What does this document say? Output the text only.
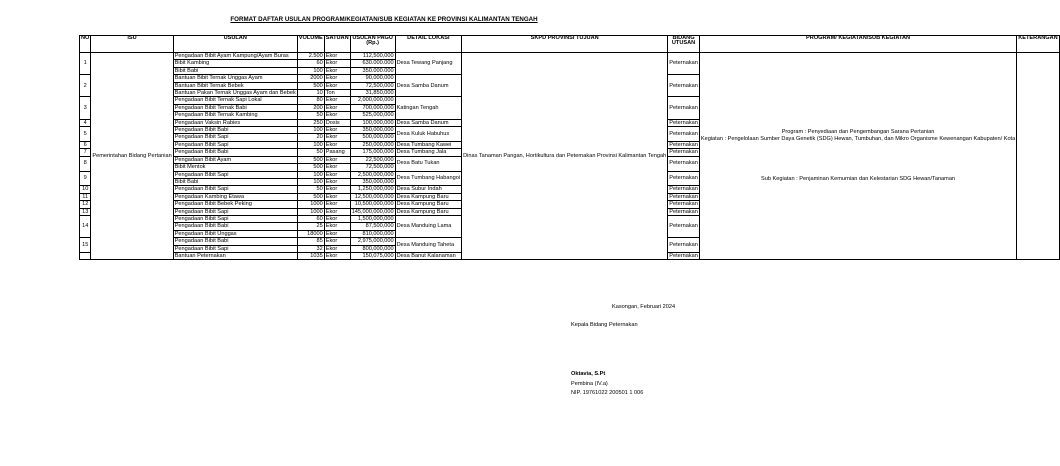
FORMAT DAFTAR USULAN PROGRAM/KEGIATAN/SUB KEGIATAN KE PROVINSI KALIMANTAN TENGAH
NO	ISU	USULAN	VOLUME	SATUAN	USULAN PAGU (Rp.)	DETAIL LOKASI	SKPD PROVINSI TUJUAN	BIDANG UTUSAN	PROGRAM/ KEGIATAN/SUB KEGIATAN	KETERANGAN
1	Pemerintahan Bidang Pertanian	Pengadaan Bibit Ayam Kampung/Ayam Buras	2.500	Ekor	112,500,000	Desa Tewang Panjang	Dinas Tanaman Pangan, Hortikultura dan Peternakan Provinsi Kalimantan Tengah	Peternakan	Program : Penyediaan dan Pengembangan Sarana Pertanian
Kegiatan : Pengelolaan Sumber Daya Genetik (SDG) Hewan, Tumbuhan, dan Mikro Organisme Kewenangan Kabupaten/ Kota
Sub Kegiatan : Penjaminan Kemurnian dan Kelestarian SDG Hewan/Tanaman	

		Bibit Kambing	60	Ekor	630.000.000					
		Bibit Babi	100	Ekor	350.000.000					
2		Bantuan Bibit Ternak Unggas Ayam	2000	Ekor	90,000,000	Desa Samba Danum		Peternakan		
		Bantuan Bibit Ternak Bebek	500	Ekor	72,500,000					
		Bantuan Pakan Ternak Unggas Ayam dan Bebek	10	Ton	31,850,000					
3		Pengadaan Bibit Ternak Sapi Lokal	80	Ekor	2,000,000,000	Katingan Tengah		Peternakan		
		Pengadaan Bibit Ternak Babi	200	Ekor	700,000,000					
		Pengadaan Bibit Ternak Kambing	50	Ekor	525,000,000					
4		Pengadaan Vaksin Rabies	250	Dosis	100,000,000	Desa Samba Danum		Peternakan		
5		Pengadaan Bibit Babi	100	Ekor	350,000,000	Desa Kuluk Habuhus		Peternakan		
		Pengadaan Bibit Sapi	20	Ekor	500,000,000					
6		Pengadaan Bibit Sapi	100	Ekor	250,000,000	Desa Tumbang Kawei		Peternakan		
7		Pengadaan Bibit Babi	50	Pasang	175,000,000	Desa Tumbang Jala		Peternakan		
8		Pengadaan Bibit Ayam	500	Ekor	22,500,000	Desa Batu Tukan		Peternakan		
		Bibit Mentok	500	Ekor	72,500,000					
9		Pengadaan Bibit Sapi	100	Ekor	2,500,000,000	Desa Tumbang Habangoi		Peternakan		
		Bibit Babi	100	Ekor	350,000,000					
10		Pengadaan Bibit Sapi	50	Ekor	1,250,000,000	Desa Subur Indah		Peternakan		
11		Pengadaan Kambing Etawa	500	Ekor	12,500,000,000	Desa Kampung Baru		Peternakan		
12		Pengadaan Bibit Bebek Peking	1000	Ekor	10,500,000,000	Desa Kampung Baru		Peternakan		
13		Pengadaan Bibit Sapi	1000	Ekor	145,000,000,000	Desa Kampung Baru		Peternakan		
14		Pengadaan Bibit Sapi	60	Ekor	1,500,000,000	Desa Manduing Lama		Peternakan		
		Pengadaan Bibit Babi	25	Ekor	87,500,000					
		Pengadaan Bibit Unggas	18000	Ekor	810,000,000					
15		Pengadaan Bibit Babi	85	Ekor	2,975,000,000	Desa Manduing Taheta		Peternakan		
		Pengadaan Bibit Sapi	32	Ekor	800,000,000					
		Bantuan Peternakan	1035	Ekor	150,075,000	Desa Banut Kalanaman		Peternakan		
Kasongan, Februari 2024
Kepala Bidang Peternakan
Oktavia, S.Pt
Pembina (IV.a)
NIP. 19761022 200501 1 006
